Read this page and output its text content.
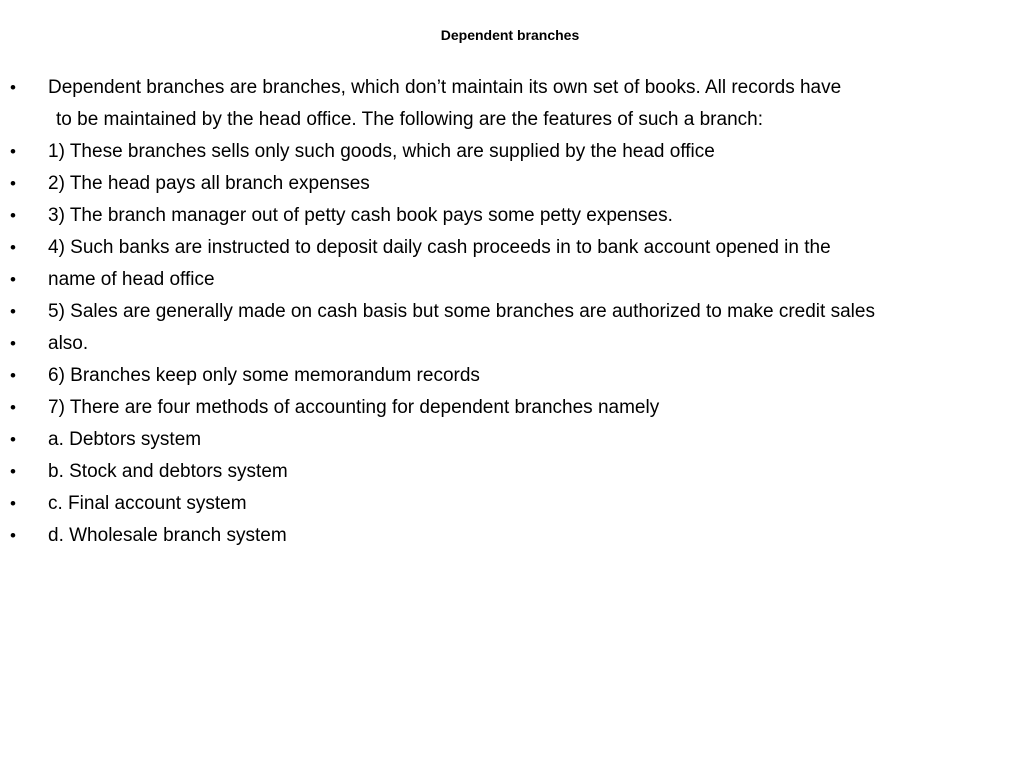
Dependent branches
• Dependent branches are branches, which don’t maintain its own set of books. All records have
to be maintained by the head office. The following are the features of such a branch:
• 1) These branches sells only such goods, which are supplied by the head office
• 2) The head pays all branch expenses
• 3) The branch manager out of petty cash book pays some petty expenses.
• 4) Such banks are instructed to deposit daily cash proceeds in to bank account opened in the
• name of head office
• 5) Sales are generally made on cash basis but some branches are authorized to make credit sales
• also.
• 6) Branches keep only some memorandum records
• 7) There are four methods of accounting for dependent branches namely
• a. Debtors system
• b. Stock and debtors system
• c. Final account system
• d. Wholesale branch system
